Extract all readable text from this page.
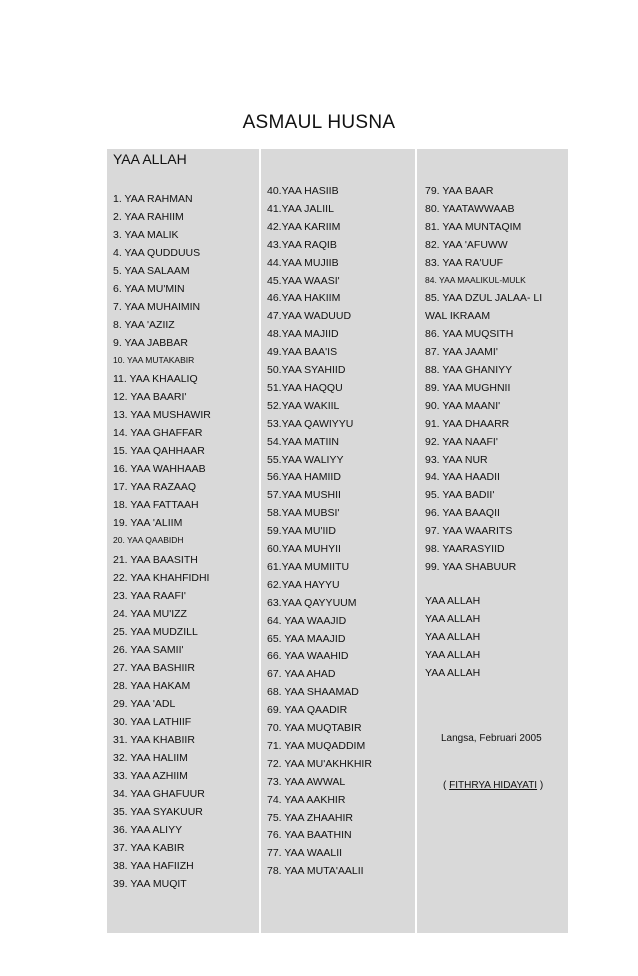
ASMAUL HUSNA
YAA ALLAH
1. YAA RAHMAN
2. YAA RAHIIM
3. YAA MALIK
4. YAA QUDDUUS
5. YAA SALAAM
6. YAA MU'MIN
7. YAA MUHAIMIN
8. YAA 'AZIIZ
9. YAA JABBAR
10. YAA MUTAKABIR
11. YAA KHAALIQ
12. YAA BAARI'
13. YAA MUSHAWIR
14. YAA GHAFFAR
15. YAA QAHHAAR
16. YAA WAHHAAB
17. YAA RAZAAQ
18. YAA FATTAAH
19. YAA 'ALIIM
20. YAA QAABIDH
21. YAA BAASITH
22. YAA KHAHFIDHI
23. YAA RAAFI'
24. YAA MU'IZZ
25. YAA MUDZILL
26. YAA SAMII'
27. YAA BASHIIR
28. YAA HAKAM
29. YAA 'ADL
30. YAA LATHIIF
31. YAA KHABIIR
32. YAA HALIIM
33. YAA AZHIIM
34. YAA GHAFUUR
35. YAA SYAKUUR
36. YAA ALIYY
37. YAA KABIR
38. YAA HAFIIZH
39. YAA MUQIT
40.YAA HASIIB
41.YAA JALIIL
42.YAA KARIIM
43.YAA RAQIB
44.YAA MUJIIB
45.YAA WAASI'
46.YAA HAKIIM
47.YAA WADUUD
48.YAA MAJIID
49.YAA BAA'IS
50.YAA SYAHIID
51.YAA HAQQU
52.YAA WAKIIL
53.YAA QAWIYYU
54.YAA MATIIN
55.YAA WALIYY
56.YAA HAMIID
57.YAA MUSHII
58.YAA MUBSI'
59.YAA MU'IID
60.YAA MUHYII
61.YAA MUMIITU
62.YAA HAYYU
63.YAA QAYYUUM
64. YAA WAAJID
65. YAA MAAJID
66. YAA WAAHID
67. YAA AHAD
68. YAA SHAAMAD
69. YAA QAADIR
70. YAA MUQTABIR
71. YAA MUQADDIM
72. YAA MU'AKHKHIR
73. YAA AWWAL
74. YAA AAKHIR
75. YAA ZHAAHIR
76. YAA BAATHIN
77. YAA WAALII
78. YAA MUTA'AALII
79. YAA BAAR
80. YAATAWWAAB
81. YAA MUNTAQIM
82. YAA 'AFUWW
83. YAA RA'UUF
84. YAA MAALIKUL-MULK
85. YAA DZUL JALAA- LI
WAL IKRAAM
86. YAA MUQSITH
87. YAA JAAMI'
88. YAA GHANIYY
89. YAA MUGHNII
90. YAA MAANI'
91. YAA DHAARR
92. YAA NAAFI'
93. YAA NUR
94. YAA HAADII
95. YAA BADII'
96. YAA BAAQII
97. YAA WAARITS
98. YAARASYIID
99. YAA SHABUUR
YAA ALLAH
YAA ALLAH
YAA ALLAH
YAA ALLAH
YAA ALLAH
Langsa, Februari 2005
( FITHRYA HIDAYATI )
